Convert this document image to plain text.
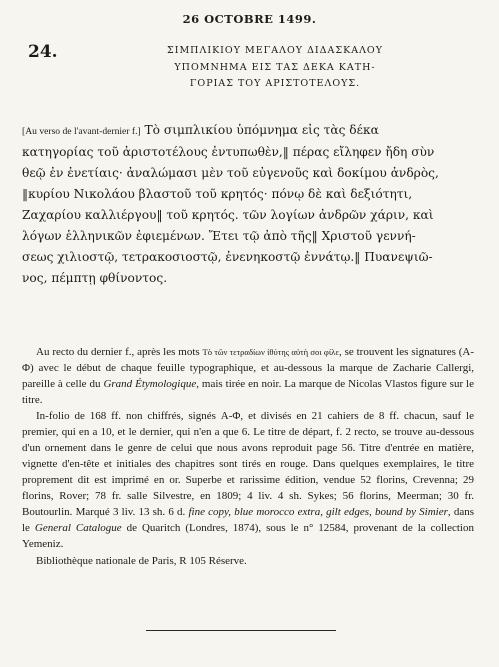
26 OCTOBRE 1499.
24.	ΣΙΜΠΛΙΚΙΟΥ ΜΕΓΑΛΟΥ ΔΙΔΑΣΚΑΛΟΥ
ΥΠΟΜΝΗΜΑ ΕΙΣ ΤΑΣ ΔΕΚΑ ΚΑΤΗ-
ΓΟΡΙΑΣ ΤΟΥ ΑΡΙΣΤΟΤΕΛΟΥΣ.
[Au verso de l'avant-dernier f.] Τὸ σιμπλικίου ὑπόμνημα εἰς τὰς δέκα
κατηγορίας τοῦ ἀριστοτέλους ἐντυπωθὲν,‖ πέρας εἴληφεν ἤδη σὺν
θεῷ ἐν ἐνετίαις· ἀναλώμασι μὲν τοῦ εὐγενοῦς καὶ δοκίμου ἀνδρὸς,
‖κυρίου Νικολάου βλαστοῦ τοῦ κρητός· πόνῳ δὲ καὶ δεξιότητι,
Ζαχαρίου καλλιέργου‖ τοῦ κρητός. τῶν λογίων ἀνδρῶν χάριν, καὶ
λόγων ἑλληνικῶν ἐφιεμένων. Ἔτει τῷ ἀπὸ τῆς‖ Χριστοῦ γεννή-
σεως χιλιοστῷ, τετρακοσιοστῷ, ἐνενηκοστῷ ἐννάτῳ.‖ Πυανεψιῶ-
νος, πέμπτῃ φθίνοντος.

Au recto du dernier f., après les mots Τὸ τῶν τετραδίων ἰθύτης αὐτὴ σοι φίλε, se trouvent les signatures (Α-Φ) avec le début de chaque feuille typographique, et au-dessous la marque de Zacharie Callergi, pareille à celle du Grand Étymologique, mais tirée en noir. La marque de Nicolas Vlastos figure sur le titre.

In-folio de 168 ff. non chiffrés, signés Α-Φ, et divisés en 21 cahiers de 8 ff. chacun, sauf le premier, qui en a 10, et le dernier, qui n'en a que 6. Le titre de départ, f. 2 recto, se trouve au-dessous d'un ornement dans le genre de celui que nous avons reproduit page 56. Titre d'entrée en matière, vignette d'en-tête et initiales des chapitres sont tirés en rouge. Dans quelques exemplaires, le titre proprement dit est imprimé en or. Superbe et rarissime édition, vendue 52 florins, Crevenna; 29 florins, Rover; 78 fr. salle Silvestre, en 1809; 4 liv. 4 sh. Sykes; 56 florins, Meerman; 30 fr. Boutourlin. Marqué 3 liv. 13 sh. 6 d. fine copy, blue morocco extra, gilt edges, bound by Simier, dans le General Catalogue de Quaritch (Londres, 1874), sous le n° 12584, provenant de la collection Yemeniz.

Bibliothèque nationale de Paris, R 105 Réserve.
